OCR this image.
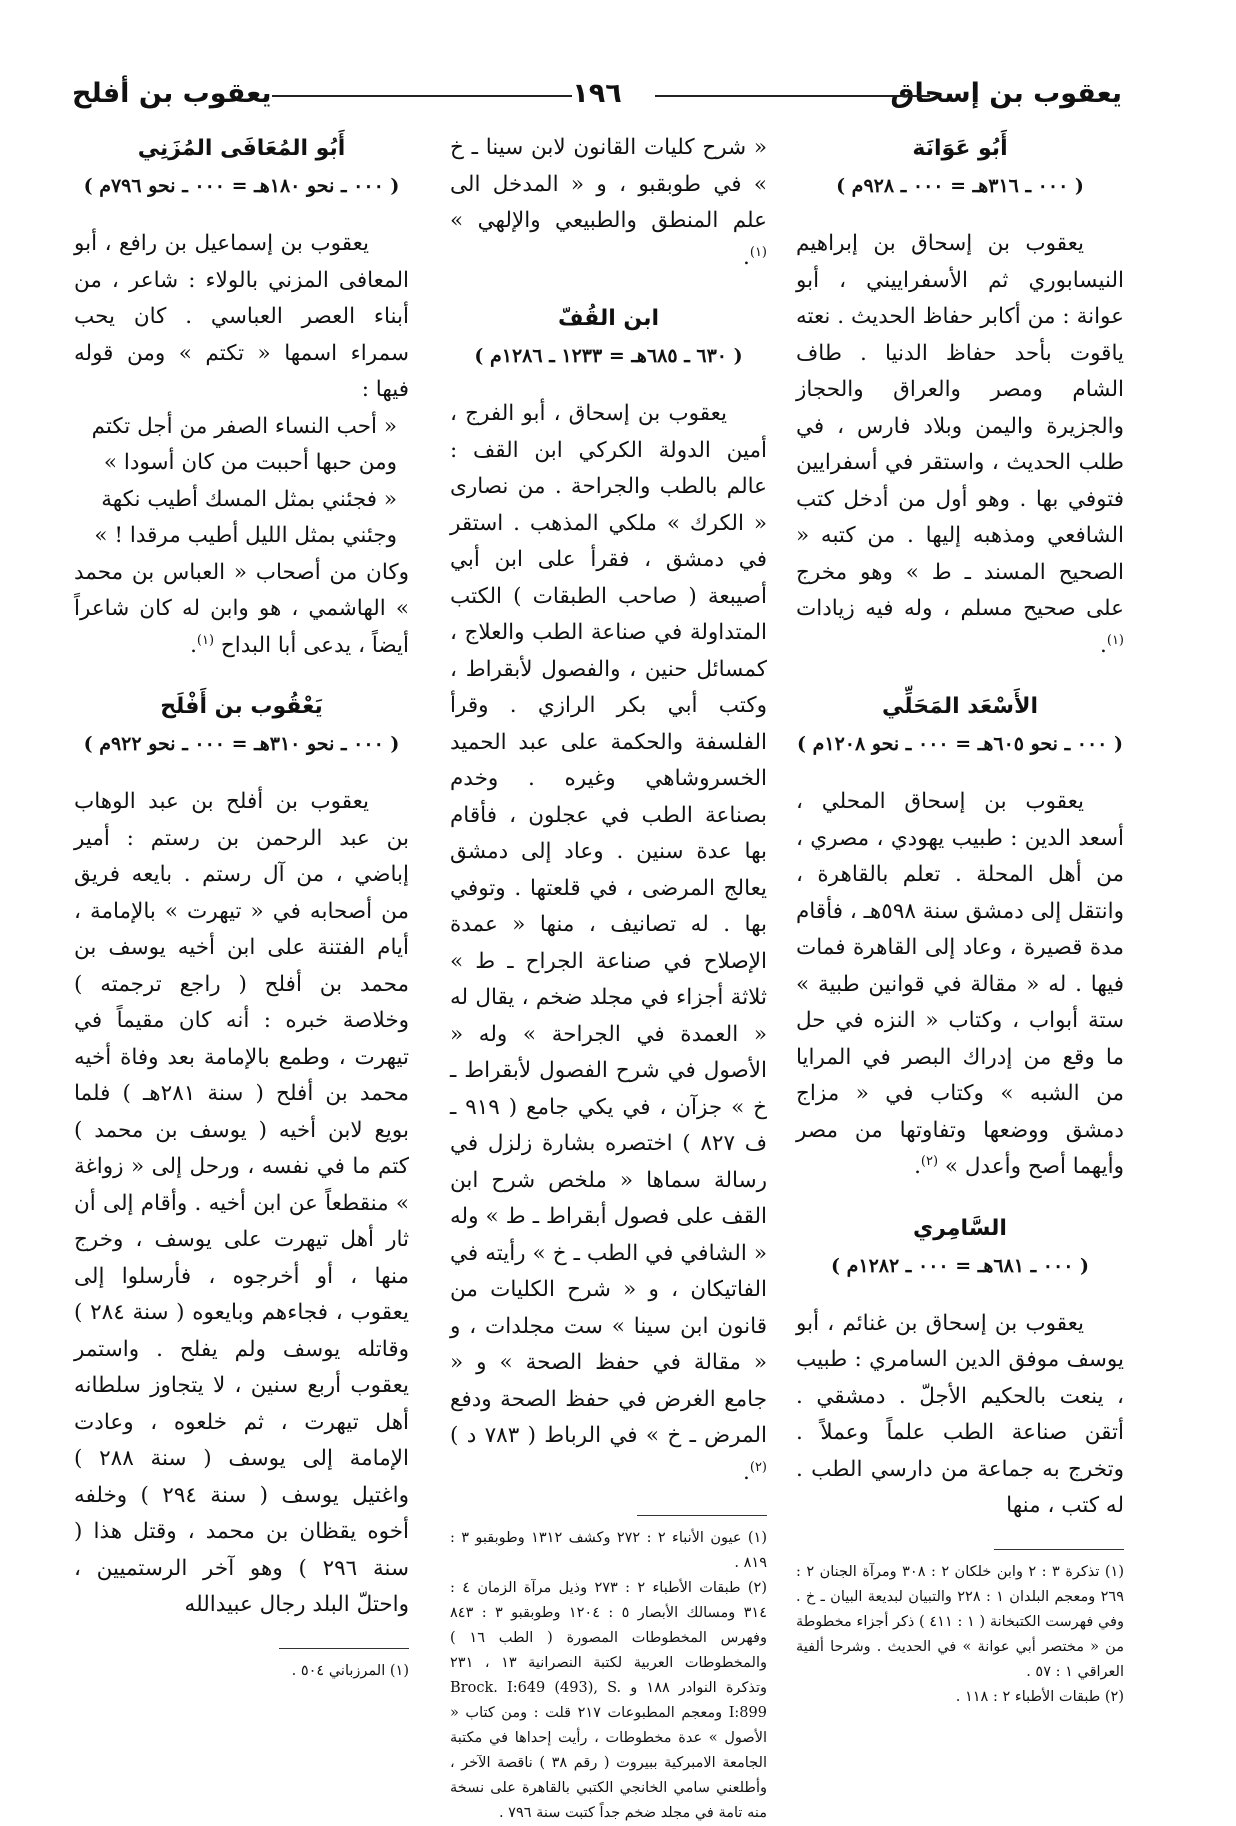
يعقوب بن إسحاق
١٩٦
يعقوب بن أفلح
أَبُو عَوَانَة

( ٠٠٠ ـ ٣١٦هـ = ٠٠٠ ـ ٩٢٨م )

يعقوب بن إسحاق بن إبراهيم النيسابوري ثم الأسفراييني ، أبو عوانة : من أكابر حفاظ الحديث . نعته ياقوت بأحد حفاظ الدنيا . طاف الشام ومصر والعراق والحجاز والجزيرة واليمن وبلاد فارس ، في طلب الحديث ، واستقر في أسفرايين فتوفي بها . وهو أول من أدخل كتب الشافعي ومذهبه إليها . من كتبه « الصحيح المسند ـ ط » وهو مخرج على صحيح مسلم ، وله فيه زيادات $^{(١)}$.

الأَسْعَد المَحَلِّي

( ٠٠٠ ـ نحو ٦٠٥هـ = ٠٠٠ ـ نحو ١٢٠٨م )

يعقوب بن إسحاق المحلي ، أسعد الدين : طبيب يهودي ، مصري ، من أهل المحلة . تعلم بالقاهرة ، وانتقل إلى دمشق سنة ٥٩٨هـ ، فأقام مدة قصيرة ، وعاد إلى القاهرة فمات فيها . له « مقالة في قوانين طبية » ستة أبواب ، وكتاب « النزه في حل ما وقع من إدراك البصر في المرايا من الشبه » وكتاب في « مزاج دمشق ووضعها وتفاوتها من مصر وأيهما أصح وأعدل » $^{(٢)}$.

السَّامِري

( ٠٠٠ ـ ٦٨١هـ = ٠٠٠ ـ ١٢٨٢م )

يعقوب بن إسحاق بن غنائم ، أبو يوسف موفق الدين السامري : طبيب ، ينعت بالحكيم الأجلّ . دمشقي . أتقن صناعة الطب علماً وعملاً . وتخرج به جماعة من دارسي الطب . له كتب ، منها

(١) تذكرة ٣ : ٢ وابن خلكان ٢ : ٣٠٨ ومرآة الجنان ٢ : ٢٦٩ ومعجم البلدان ١ : ٢٢٨ والتبيان لبديعة البيان ـ خ . وفي فهرست الكتبخانة ( ١ : ٤١١ ) ذكر أجزاء مخطوطة من « مختصر أبي عوانة » في الحديث . وشرحا ألفية العراقي ١ : ٥٧ .
(٢) طبقات الأطباء ٢ : ١١٨ .

« شرح كليات القانون لابن سينا ـ خ » في طوبقبو ، و « المدخل الى علم المنطق والطبيعي والإلهي » $^{(١)}$.

ابن القُفّ

( ٦٣٠ ـ ٦٨٥هـ = ١٢٣٣ ـ ١٢٨٦م )

يعقوب بن إسحاق ، أبو الفرج ، أمين الدولة الكركي ابن القف : عالم بالطب والجراحة . من نصارى « الكرك » ملكي المذهب . استقر في دمشق ، فقرأ على ابن أبي أصيبعة ( صاحب الطبقات ) الكتب المتداولة في صناعة الطب والعلاج ، كمسائل حنين ، والفصول لأبقراط ، وكتب أبي بكر الرازي . وقرأ الفلسفة والحكمة على عبد الحميد الخسروشاهي وغيره . وخدم بصناعة الطب في عجلون ، فأقام بها عدة سنين . وعاد إلى دمشق يعالج المرضى ، في قلعتها . وتوفي بها . له تصانيف ، منها « عمدة الإصلاح في صناعة الجراح ـ ط » ثلاثة أجزاء في مجلد ضخم ، يقال له « العمدة في الجراحة » وله « الأصول في شرح الفصول لأبقراط ـ خ » جزآن ، في يكي جامع ( ٩١٩ ـ ف ٨٢٧ ) اختصره بشارة زلزل في رسالة سماها « ملخص شرح ابن القف على فصول أبقراط ـ ط » وله « الشافي في الطب ـ خ » رأيته في الفاتيكان ، و « شرح الكليات من قانون ابن سينا » ست مجلدات ، و « مقالة في حفظ الصحة » و « جامع الغرض في حفظ الصحة ودفع المرض ـ خ » في الرباط ( ٧٨٣ د ) $^{(٢)}$.

(١) عيون الأنباء ٢ : ٢٧٢ وكشف ١٣١٢ وطوبقبو ٣ : ٨١٩ .
(٢) طبقات الأطباء ٢ : ٢٧٣ وذيل مرآة الزمان ٤ : ٣١٤ ومسالك الأبصار ٥ : ١٢٠٤ وطوبقبو ٣ : ٨٤٣ وفهرس المخطوطات المصورة ( الطب ١٦ ) والمخطوطات العربية لكتبة النصرانية ١٣ ، ٢٣١ وتذكرة النوادر ١٨٨ و Brock. I:649 (493), S. I:899 ومعجم المطبوعات ٢١٧ قلت : ومن كتاب « الأصول » عدة مخطوطات ، رأيت إحداها في مكتبة الجامعة الامبركية ببيروت ( رقم ٣٨ ) ناقصة الآخر ، وأطلعني سامي الخانجي الكتبي بالقاهرة على نسخة منه تامة في مجلد ضخم جداً كتبت سنة ٧٩٦ .
أَبُو المُعَافَى المُزَنِي

( ٠٠٠ ـ نحو ١٨٠هـ = ٠٠٠ ـ نحو ٧٩٦م )

يعقوب بن إسماعيل بن رافع ، أبو المعافى المزني بالولاء : شاعر ، من أبناء العصر العباسي . كان يحب سمراء اسمها « تكتم » ومن قوله فيها :

« أحب النساء الصفر من أجل تكتم

ومن حبها أحببت من كان أسودا »

« فجئني بمثل المسك أطيب نكهة

وجئني بمثل الليل أطيب مرقدا ! »

وكان من أصحاب « العباس بن محمد » الهاشمي ، هو وابن له كان شاعراً أيضاً ، يدعى أبا البداح $^{(١)}$.

يَعْقُوب بن أَفْلَح

( ٠٠٠ ـ نحو ٣١٠هـ = ٠٠٠ ـ نحو ٩٢٢م )

يعقوب بن أفلح بن عبد الوهاب بن عبد الرحمن بن رستم : أمير إباضي ، من آل رستم . بايعه فريق من أصحابه في « تيهرت » بالإمامة ، أيام الفتنة على ابن أخيه يوسف بن محمد بن أفلح ( راجع ترجمته ) وخلاصة خبره : أنه كان مقيماً في تيهرت ، وطمع بالإمامة بعد وفاة أخيه محمد بن أفلح ( سنة ٢٨١هـ ) فلما بويع لابن أخيه ( يوسف بن محمد ) كتم ما في نفسه ، ورحل إلى « زواغة » منقطعاً عن ابن أخيه . وأقام إلى أن ثار أهل تيهرت على يوسف ، وخرج منها ، أو أخرجوه ، فأرسلوا إلى يعقوب ، فجاءهم وبايعوه ( سنة ٢٨٤ ) وقاتله يوسف ولم يفلح . واستمر يعقوب أربع سنين ، لا يتجاوز سلطانه أهل تيهرت ، ثم خلعوه ، وعادت الإمامة إلى يوسف ( سنة ٢٨٨ ) واغتيل يوسف ( سنة ٢٩٤ ) وخلفه أخوه يقظان بن محمد ، وقتل هذا ( سنة ٢٩٦ ) وهو آخر الرستميين ، واحتلّ البلد رجال عبيدالله

(١) المرزباني ٥٠٤ .
